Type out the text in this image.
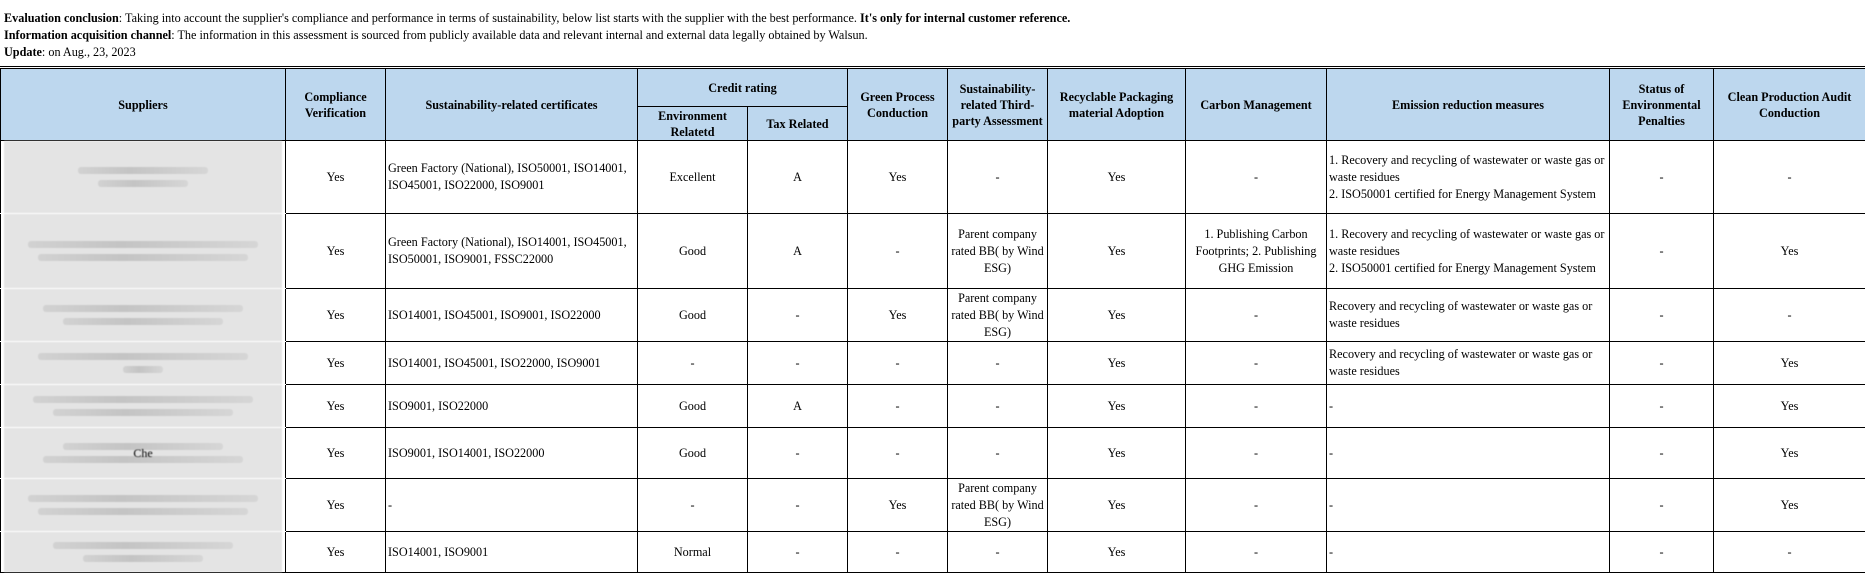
Evaluation conclusion: Taking into account the supplier's compliance and performance in terms of sustainability, below list starts with the supplier with the best performance. It's only for internal customer reference.
Information acquisition channel: The information in this assessment is sourced from publicly available data and relevant internal and external data legally obtained by Walsun.
Update: on Aug., 23, 2023
Suppliers	Compliance Verification	Sustainability-related certificates	Credit rating		Green Process Conduction	Sustainability-related Third-party Assessment	Recyclable Packaging material Adoption	Carbon Management	Emission reduction measures	Status of Environmental Penalties	Clean Production Audit Conduction
			Environment Relatetd	Tax Related							

	Yes	Green Factory (National), ISO50001, ISO14001, ISO45001, ISO22000, ISO9001	Excellent	A	Yes	-	Yes	-	1. Recovery and recycling of wastewater or waste gas or waste residues
2. ISO50001 certified for Energy Management System	-	-

	Yes	Green Factory (National), ISO14001, ISO45001, ISO50001, ISO9001, FSSC22000	Good	A	-	Parent company rated BB( by Wind ESG)	Yes	1. Publishing Carbon Footprints; 2. Publishing GHG Emission	1. Recovery and recycling of wastewater or waste gas or waste residues
2. ISO50001 certified for Energy Management System	-	Yes

	Yes	ISO14001, ISO45001, ISO9001, ISO22000	Good	-	Yes	Parent company rated BB( by Wind ESG)	Yes	-	Recovery and recycling of wastewater or waste gas or waste residues	-	-

	Yes	ISO14001, ISO45001, ISO22000, ISO9001	-	-	-	-	Yes	-	Recovery and recycling of wastewater or waste gas or waste residues	-	Yes

	Yes	ISO9001, ISO22000	Good	A	-	-	Yes	-	-	-	Yes

Che	Yes	ISO9001, ISO14001, ISO22000	Good	-	-	-	Yes	-	-	-	Yes

	Yes	-	-	-	Yes	Parent company rated BB( by Wind ESG)	Yes	-	-	-	Yes

	Yes	ISO14001, ISO9001	Normal	-	-	-	Yes	-	-	-	-
